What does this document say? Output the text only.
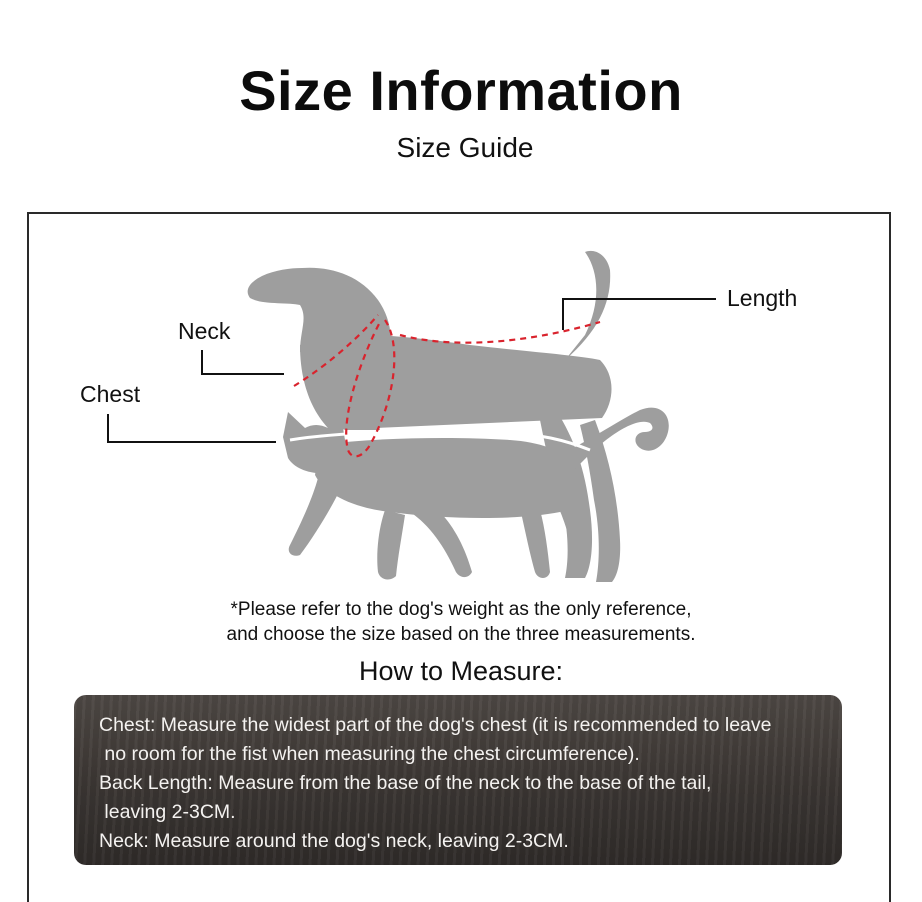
Size Information
Size Guide
Neck
Chest
Length
*Please refer to the dog's weight as the only reference,
and choose the size based on the three measurements.
How to Measure:

Chest: Measure the widest part of the dog's chest (it is recommended to leave

no room for the fist when measuring the chest circumference).

Back Length: Measure from the base of the neck to the base of the tail,

leaving 2-3CM.

Neck: Measure around the dog's neck, leaving 2-3CM.
